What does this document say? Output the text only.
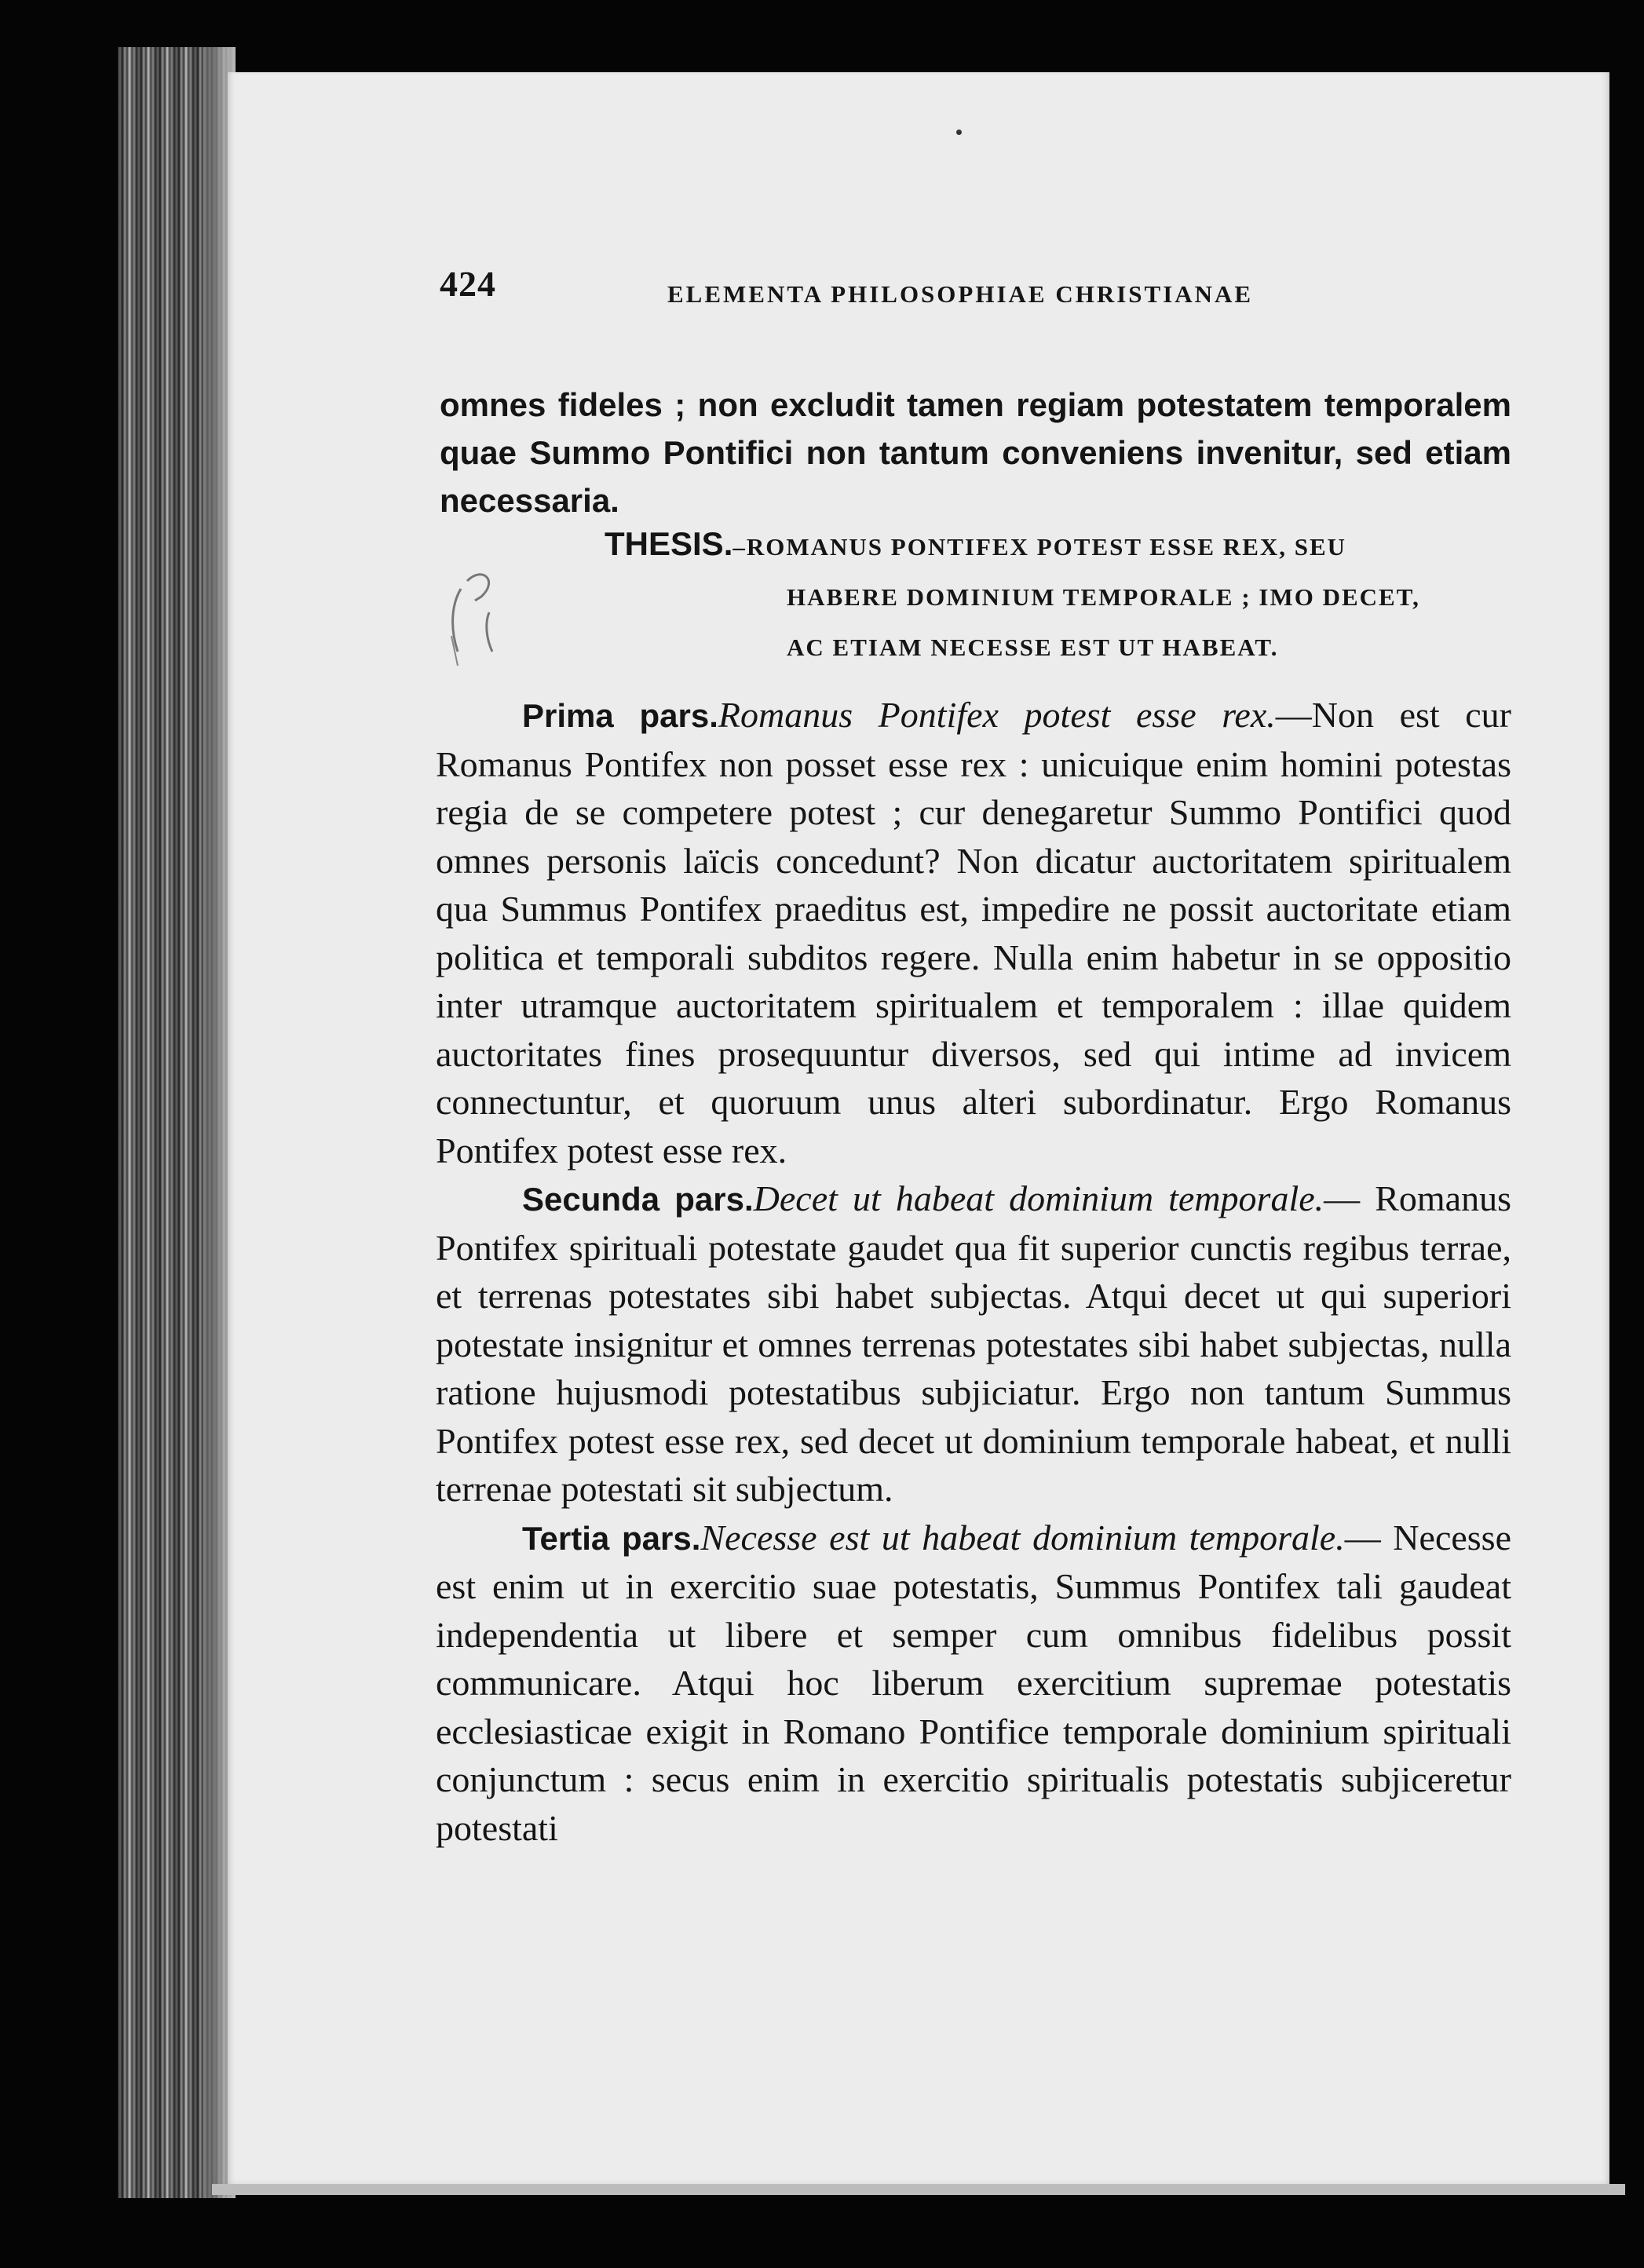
424	ELEMENTA PHILOSOPHIAE CHRISTIANAE

omnes fideles ; non excludit tamen regiam potestatem temporalem quae Summo Pontifici non tantum conveniens invenitur, sed etiam necessaria.

THESIS.–ROMANUS PONTIFEX POTEST ESSE REX, SEU
HABERE DOMINIUM TEMPORALE ; IMO DECET,
AC ETIAM NECESSE EST UT HABEAT.

Prima pars.Romanus Pontifex potest esse rex.—Non est cur Romanus Pontifex non posset esse rex : unicuique enim homini potestas regia de se competere potest ; cur denegaretur Summo Pontifici quod omnes personis laïcis concedunt? Non dicatur auctoritatem spiritualem qua Summus Pontifex praeditus est, impedire ne possit auctoritate etiam politica et temporali subditos regere. Nulla enim habetur in se oppositio inter utramque auctoritatem spiritualem et temporalem : illae quidem auctoritates fines prosequuntur diversos, sed qui intime ad invicem connectuntur, et quoruum unus alteri subordinatur. Ergo Romanus Pontifex potest esse rex.

Secunda pars.Decet ut habeat dominium temporale.— Romanus Pontifex spirituali potestate gaudet qua fit superior cunctis regibus terrae, et terrenas potestates sibi habet subjectas. Atqui decet ut qui superiori potestate insignitur et omnes terrenas potestates sibi habet subjectas, nulla ratione hujusmodi potestatibus subjiciatur. Ergo non tantum Summus Pontifex potest esse rex, sed decet ut dominium temporale habeat, et nulli terrenae potestati sit subjectum.

Tertia pars.Necesse est ut habeat dominium temporale.— Necesse est enim ut in exercitio suae potestatis, Summus Pontifex tali gaudeat independentia ut libere et semper cum omnibus fidelibus possit communicare. Atqui hoc liberum exercitium supremae potestatis ecclesiasticae exigit in Romano Pontifice temporale dominium spirituali conjunctum : secus enim in exercitio spiritualis potestatis subjiceretur potestati
